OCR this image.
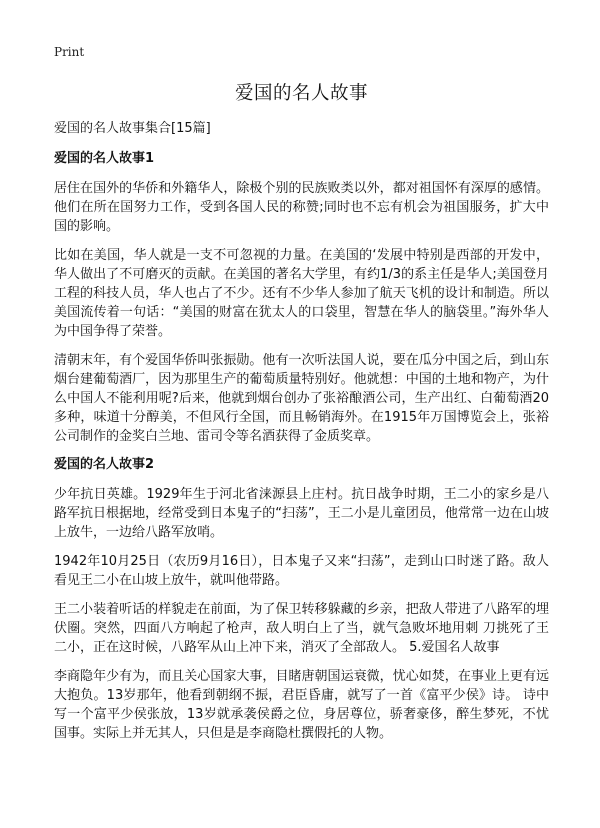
Print
爱国的名人故事
爱国的名人故事集合[15篇]
爱国的名人故事1

居住在国外的华侨和外籍华人，除极个别的民族败类以外，都对祖国怀有深厚的感情。他们在所在国努力工作，受到各国人民的称赞;同时也不忘有机会为祖国服务，扩大中国的影响。

比如在美国，华人就是一支不可忽视的力量。在美国的‘发展中特别是西部的开发中，华人做出了不可磨灭的贡献。在美国的著名大学里，有约1/3的系主任是华人;美国登月工程的科技人员，华人也占了不少。还有不少华人参加了航天飞机的设计和制造。所以美国流传着一句话：“美国的财富在犹太人的口袋里，智慧在华人的脑袋里。”海外华人为中国争得了荣誉。

清朝末年，有个爱国华侨叫张振勋。他有一次听法国人说，要在瓜分中国之后，到山东烟台建葡萄酒厂，因为那里生产的葡萄质量特别好。他就想：中国的土地和物产，为什么中国人不能利用呢?后来，他就到烟台创办了张裕酿酒公司，生产出红、白葡萄酒20多种，味道十分醇美，不但风行全国，而且畅销海外。在1915年万国博览会上，张裕公司制作的金奖白兰地、雷司令等名酒获得了金质奖章。

爱国的名人故事2

少年抗日英雄。1929年生于河北省涞源县上庄村。抗日战争时期，王二小的家乡是八路军抗日根据地，经常受到日本鬼子的“扫荡”，王二小是儿童团员，他常常一边在山坡上放牛，一边给八路军放哨。

1942年10月25日（农历9月16日），日本鬼子又来“扫荡”，走到山口时迷了路。敌人看见王二小在山坡上放牛，就叫他带路。

王二小装着听话的样貌走在前面，为了保卫转移躲藏的乡亲，把敌人带进了八路军的埋伏圈。突然，四面八方响起了枪声，敌人明白上了当，就气急败坏地用刺 刀挑死了王二小，正在这时候，八路军从山上冲下来，消灭了全部敌人。 5.爱国名人故事

李商隐年少有为，而且关心国家大事，目睹唐朝国运衰微，忧心如焚，在事业上更有远大抱负。13岁那年，他看到朝纲不振，君臣昏庸，就写了一首《富平少侯》诗。 诗中写一个富平少侯张放，13岁就承袭侯爵之位，身居尊位，骄奢豪侈，醉生梦死，不忧国事。实际上并无其人，只但是是李商隐杜撰假托的人物。
